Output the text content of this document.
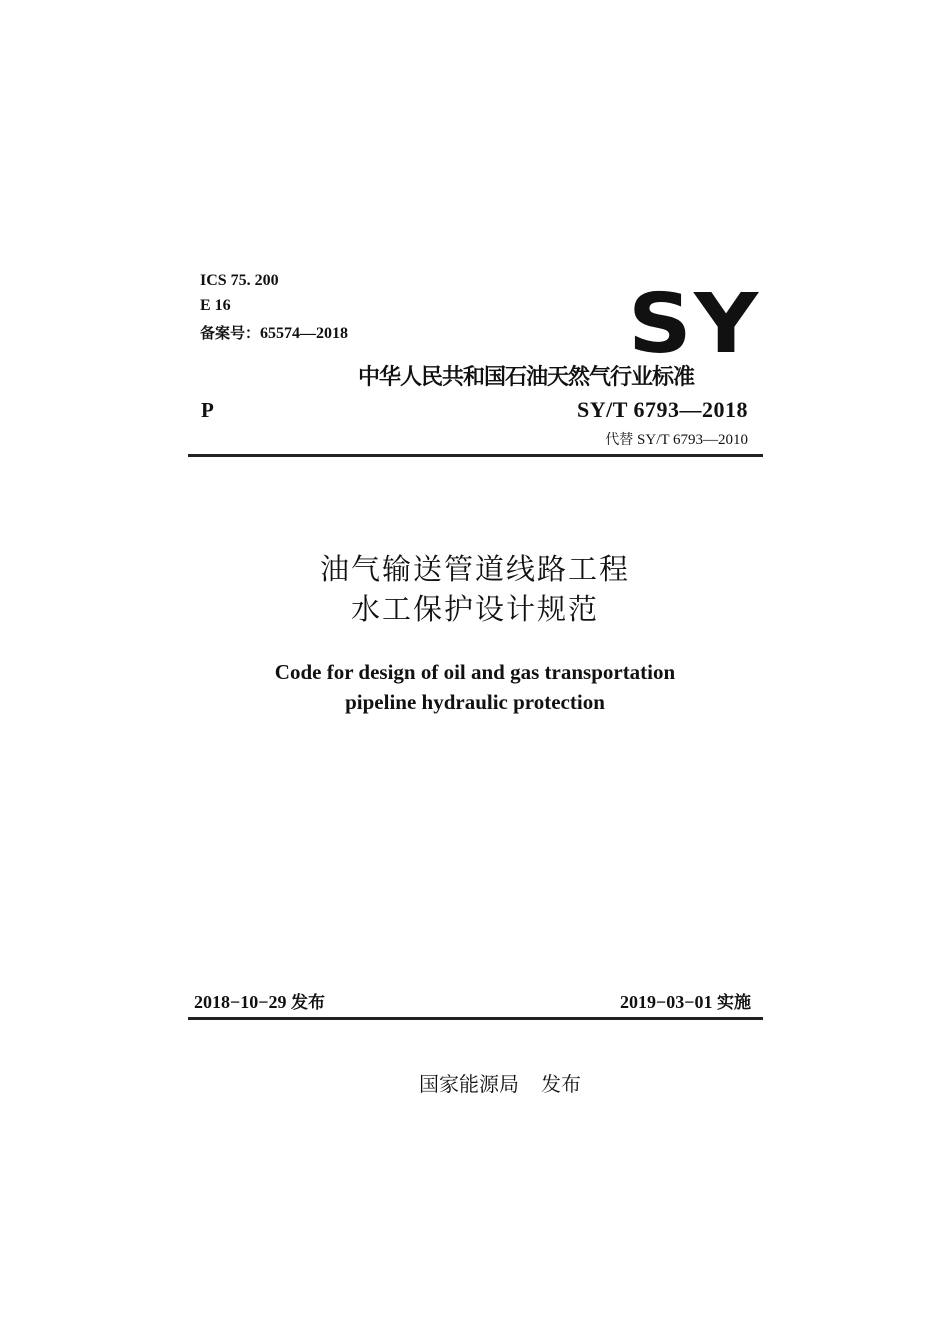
ICS 75. 200
E 16
备案号：65574—2018	SY
中华人民共和国石油天然气行业标准
P	SY/T 6793—2018
代替 SY/T 6793—2010
油气输送管道线路工程
水工保护设计规范
Code for design of oil and gas transportation
pipeline hydraulic protection
2018−10−29 发布	2019−03−01 实施
国家能源局 发布
